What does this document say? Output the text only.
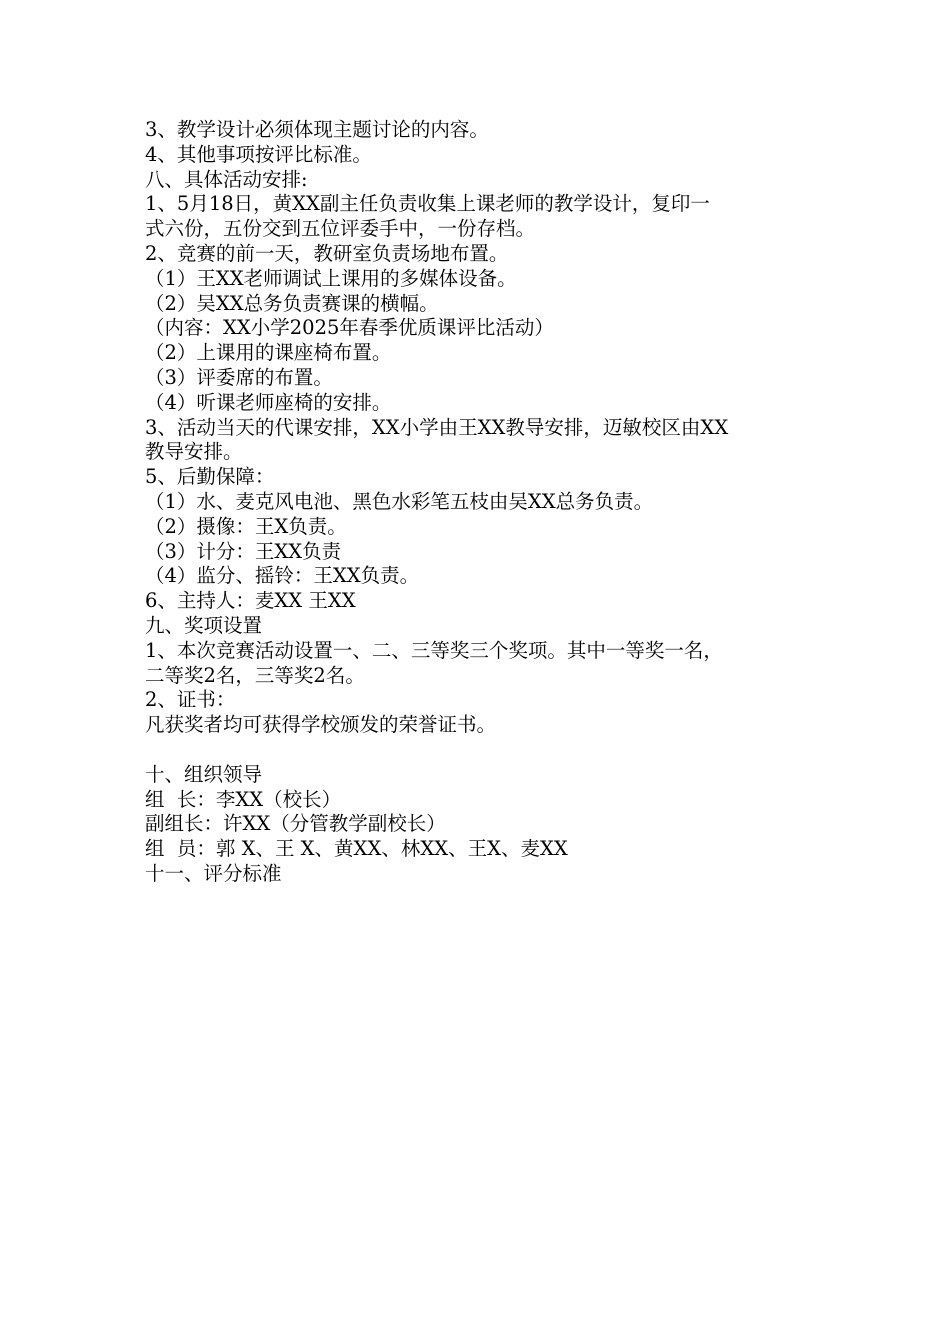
3、教学设计必须体现主题讨论的内容。
4、其他事项按评比标准。
八、具体活动安排:
1、5月18日，黄XX副主任负责收集上课老师的教学设计，复印一
式六份，五份交到五位评委手中，一份存档。
2、竞赛的前一天，教研室负责场地布置。
（1）王XX老师调试上课用的多媒体设备。
（2）吴XX总务负责赛课的横幅。
（内容：XX小学2025年春季优质课评比活动）
（2）上课用的课座椅布置。
（3）评委席的布置。
（4）听课老师座椅的安排。
3、活动当天的代课安排，XX小学由王XX教导安排，迈敏校区由XX
教导安排。
5、后勤保障：
（1）水、麦克风电池、黑色水彩笔五枝由吴XX总务负责。
（2）摄像：王X负责。
（3）计分：王XX负责
（4）监分、摇铃：王XX负责。
6、主持人：麦XX 王XX
九、奖项设置
1、本次竞赛活动设置一、二、三等奖三个奖项。其中一等奖一名，
二等奖2名，三等奖2名。
2、证书：
凡获奖者均可获得学校颁发的荣誉证书。
十、组织领导
组  长：李XX（校长）
副组长：许XX（分管教学副校长）
组  员：郭 X、王 X、黄XX、林XX、王X、麦XX
十一、评分标准
